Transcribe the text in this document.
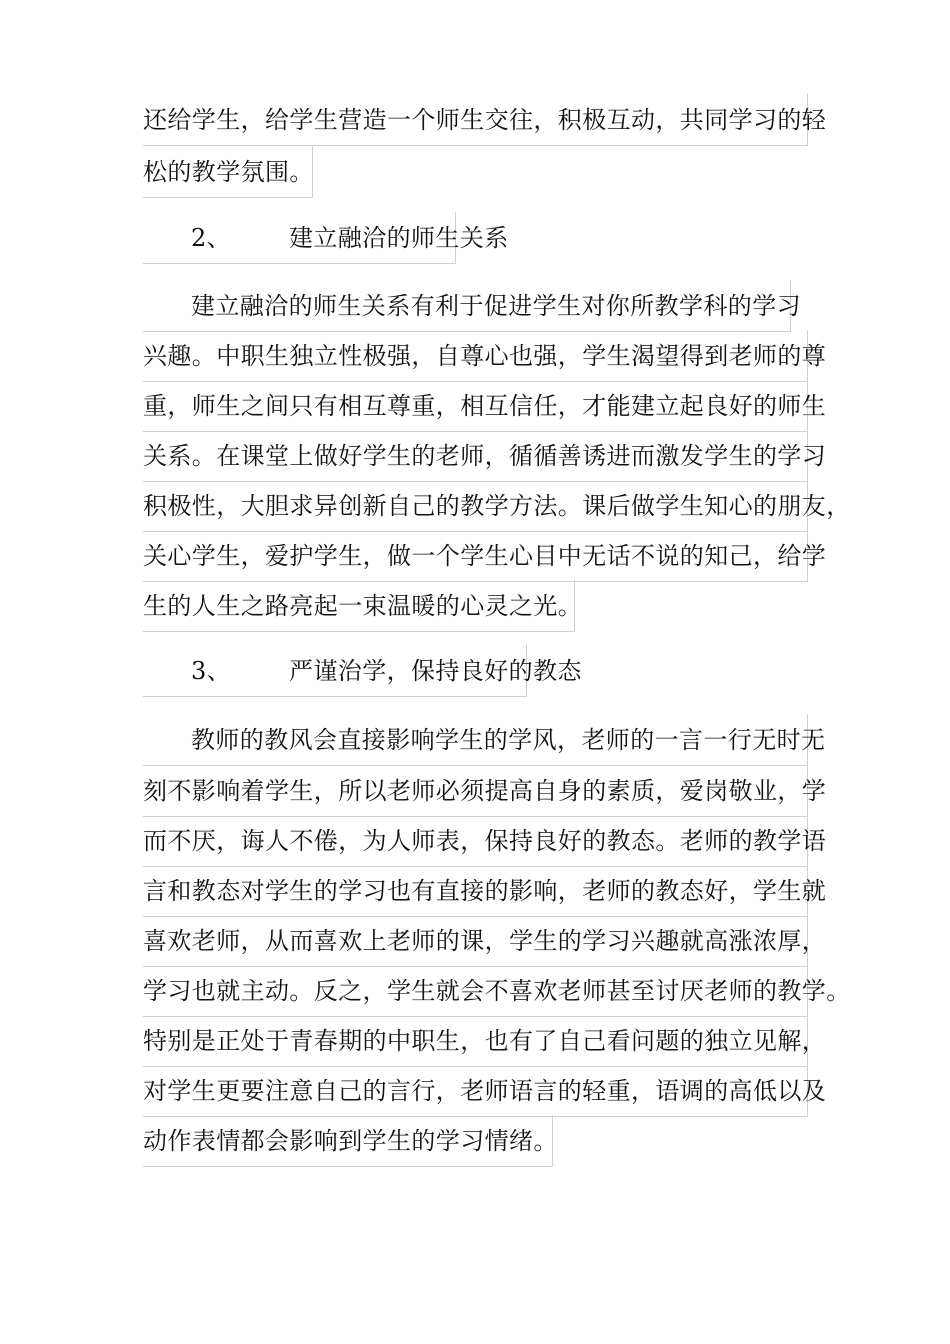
还给学生，给学生营造一个师生交往，积极互动，共同学习的轻
松的教学氛围。
2、 建立融洽的师生关系
建立融洽的师生关系有利于促进学生对你所教学科的学习
兴趣。中职生独立性极强，自尊心也强，学生渴望得到老师的尊
重，师生之间只有相互尊重，相互信任，才能建立起良好的师生
关系。在课堂上做好学生的老师，循循善诱进而激发学生的学习
积极性，大胆求异创新自己的教学方法。课后做学生知心的朋友，
关心学生，爱护学生，做一个学生心目中无话不说的知己，给学
生的人生之路亮起一束温暖的心灵之光。
3、 严谨治学，保持良好的教态
教师的教风会直接影响学生的学风，老师的一言一行无时无
刻不影响着学生，所以老师必须提高自身的素质，爱岗敬业，学
而不厌，诲人不倦，为人师表，保持良好的教态。老师的教学语
言和教态对学生的学习也有直接的影响，老师的教态好，学生就
喜欢老师，从而喜欢上老师的课，学生的学习兴趣就高涨浓厚，
学习也就主动。反之，学生就会不喜欢老师甚至讨厌老师的教学。
特别是正处于青春期的中职生，也有了自己看问题的独立见解，
对学生更要注意自己的言行，老师语言的轻重，语调的高低以及
动作表情都会影响到学生的学习情绪。
